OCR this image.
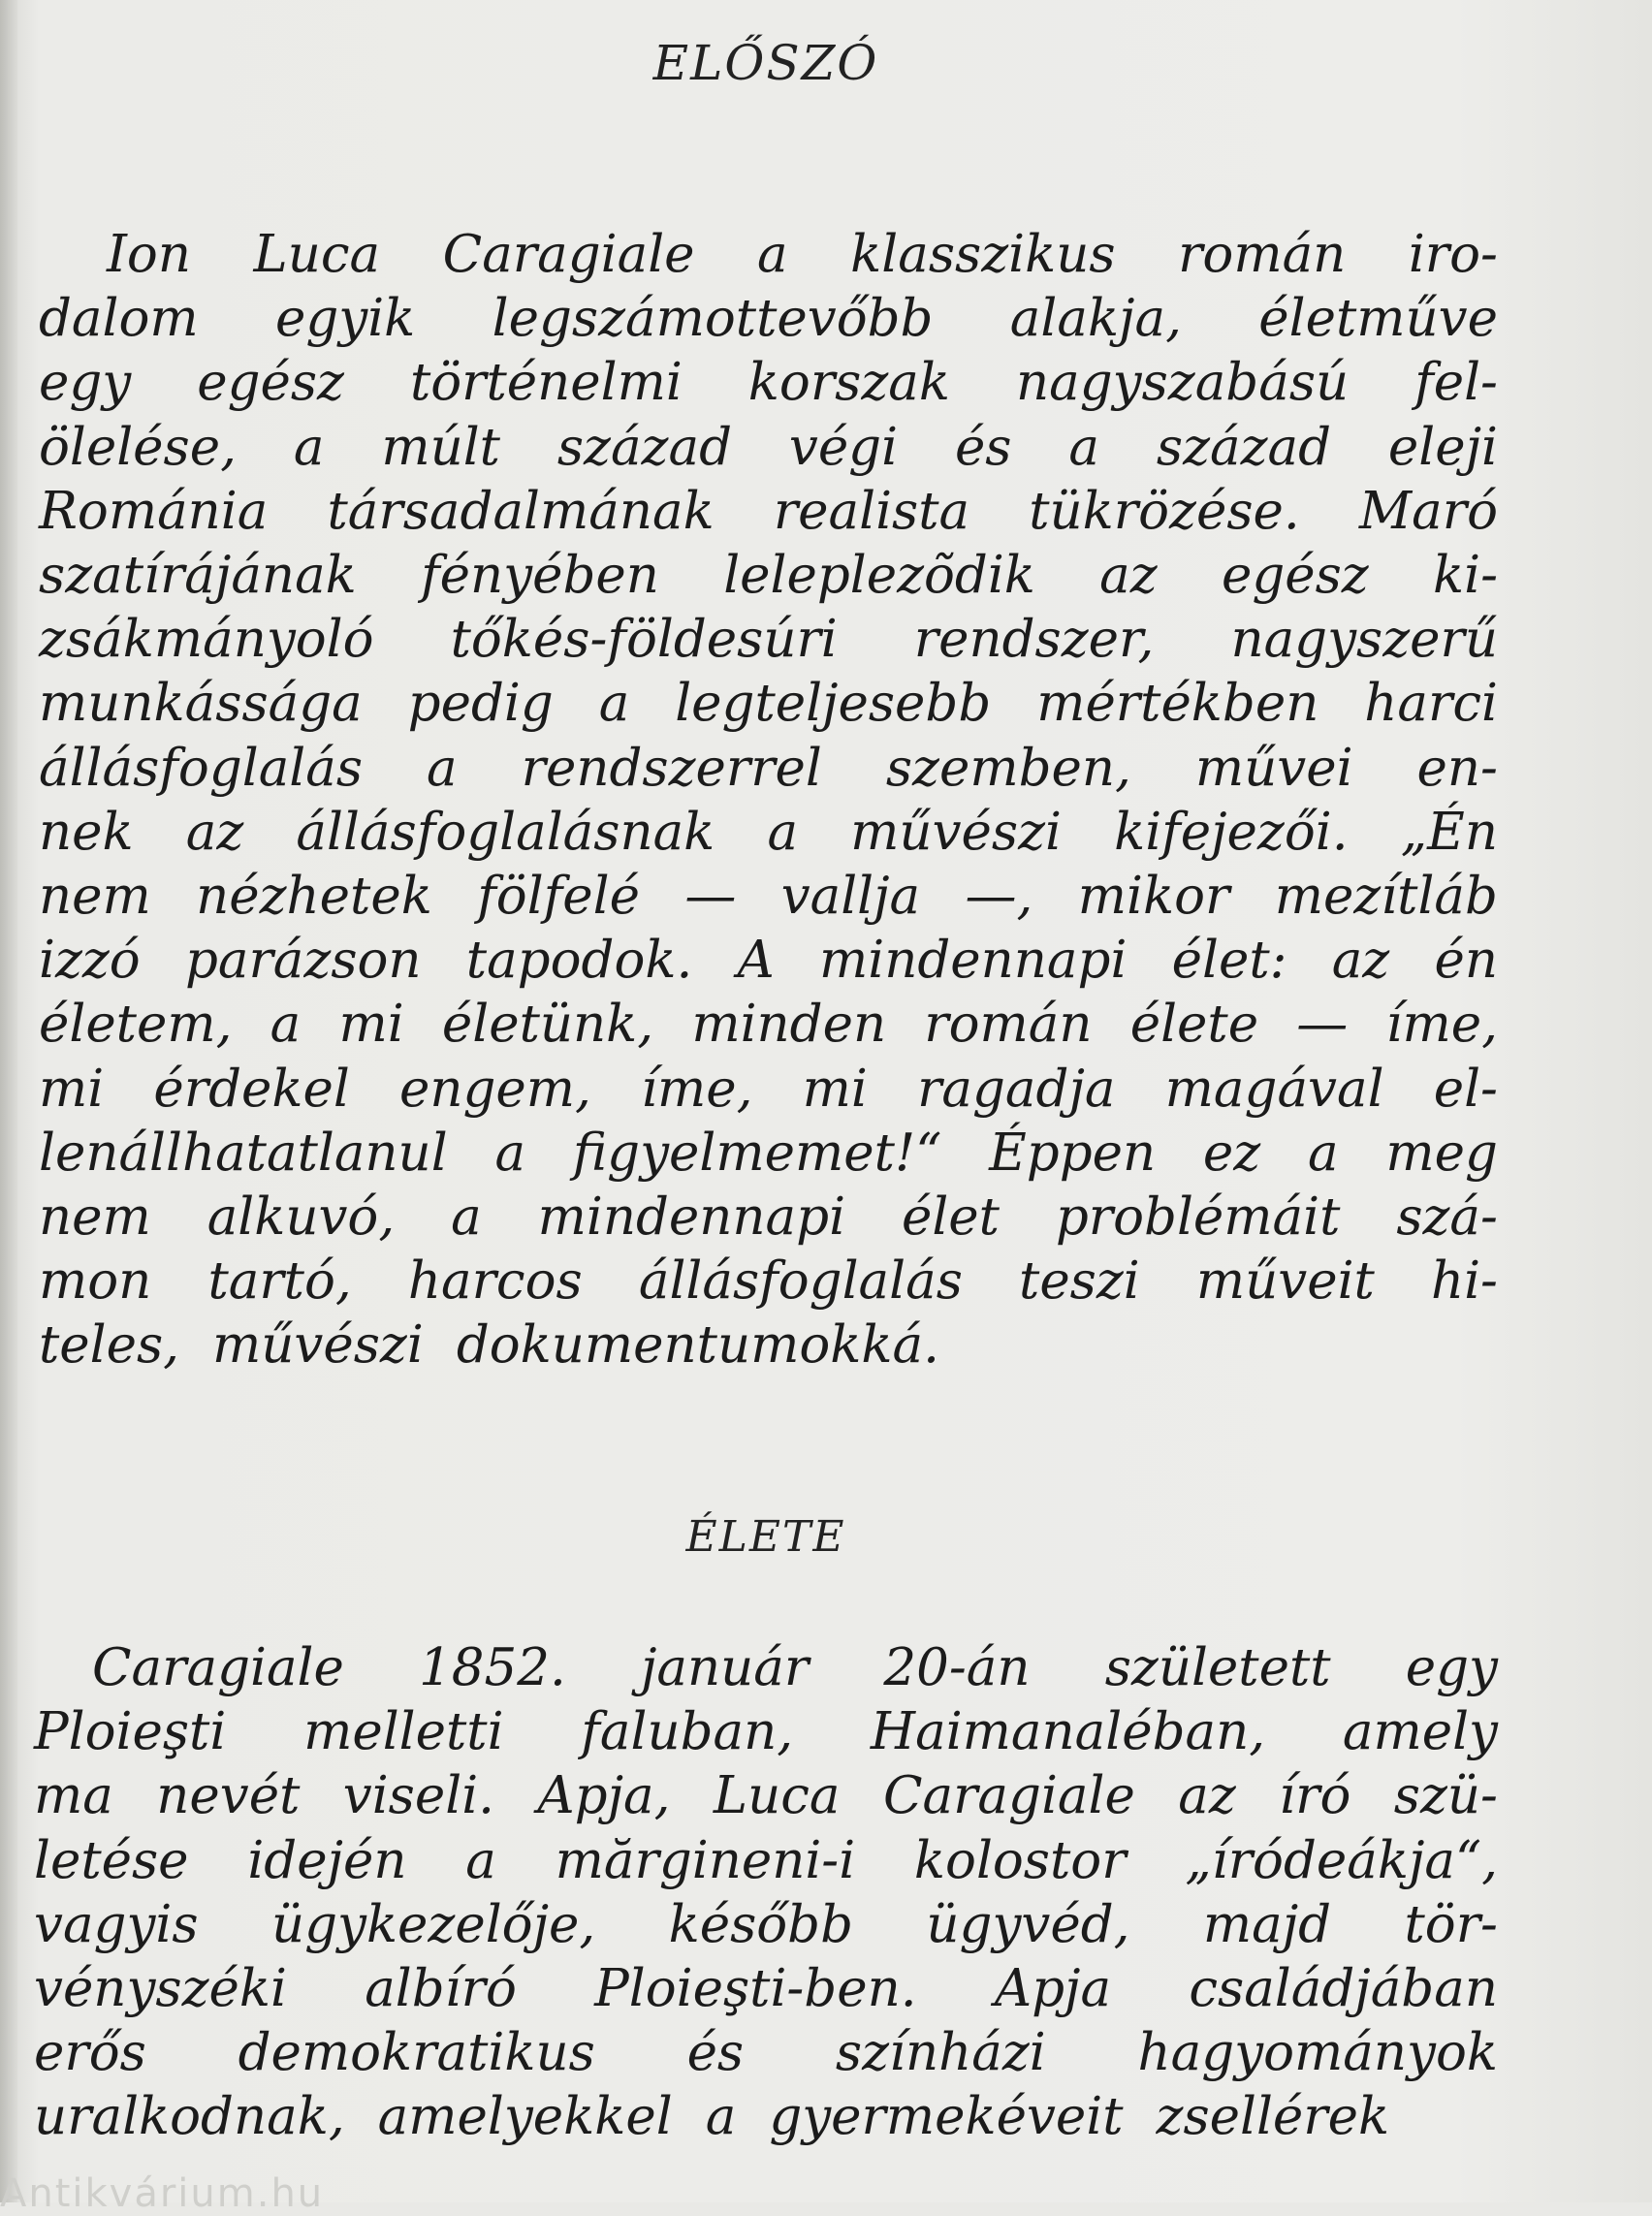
ELŐSZÓ
Ion Luca Caragiale a klasszikus román iro-
dalom egyik legszámottevőbb alakja, életműve
egy egész történelmi korszak nagyszabású fel-
ölelése, a múlt század végi és a század eleji
Románia társadalmának realista tükrözése. Maró
szatírájának fényében leleplezõdik az egész ki-
zsákmányoló tőkés-földesúri rendszer, nagyszerű
munkássága pedig a legteljesebb mértékben harci
állásfoglalás a rendszerrel szemben, művei en-
nek az állásfoglalásnak a művészi kifejezői. „Én
nem nézhetek fölfelé — vallja —, mikor mezítláb
izzó parázson tapodok. A mindennapi élet: az én
életem, a mi életünk, minden román élete — íme,
mi érdekel engem, íme, mi ragadja magával el-
lenállhatatlanul a figyelmemet!“ Éppen ez a meg
nem alkuvó, a mindennapi élet problémáit szá-
mon tartó, harcos állásfoglalás teszi műveit hi-
teles, művészi dokumentumokká.
ÉLETE
Caragiale 1852. január 20-án született egy
Ploieşti melletti faluban, Haimanaléban, amely
ma nevét viseli. Apja, Luca Caragiale az író szü-
letése idején a mărgineni-i kolostor „íródeákja“,
vagyis ügykezelője, később ügyvéd, majd tör-
vényszéki albíró Ploieşti-ben. Apja családjában
erős demokratikus és színházi hagyományok
uralkodnak, amelyekkel a gyermekéveit zsellérek
Antikvárium.hu
